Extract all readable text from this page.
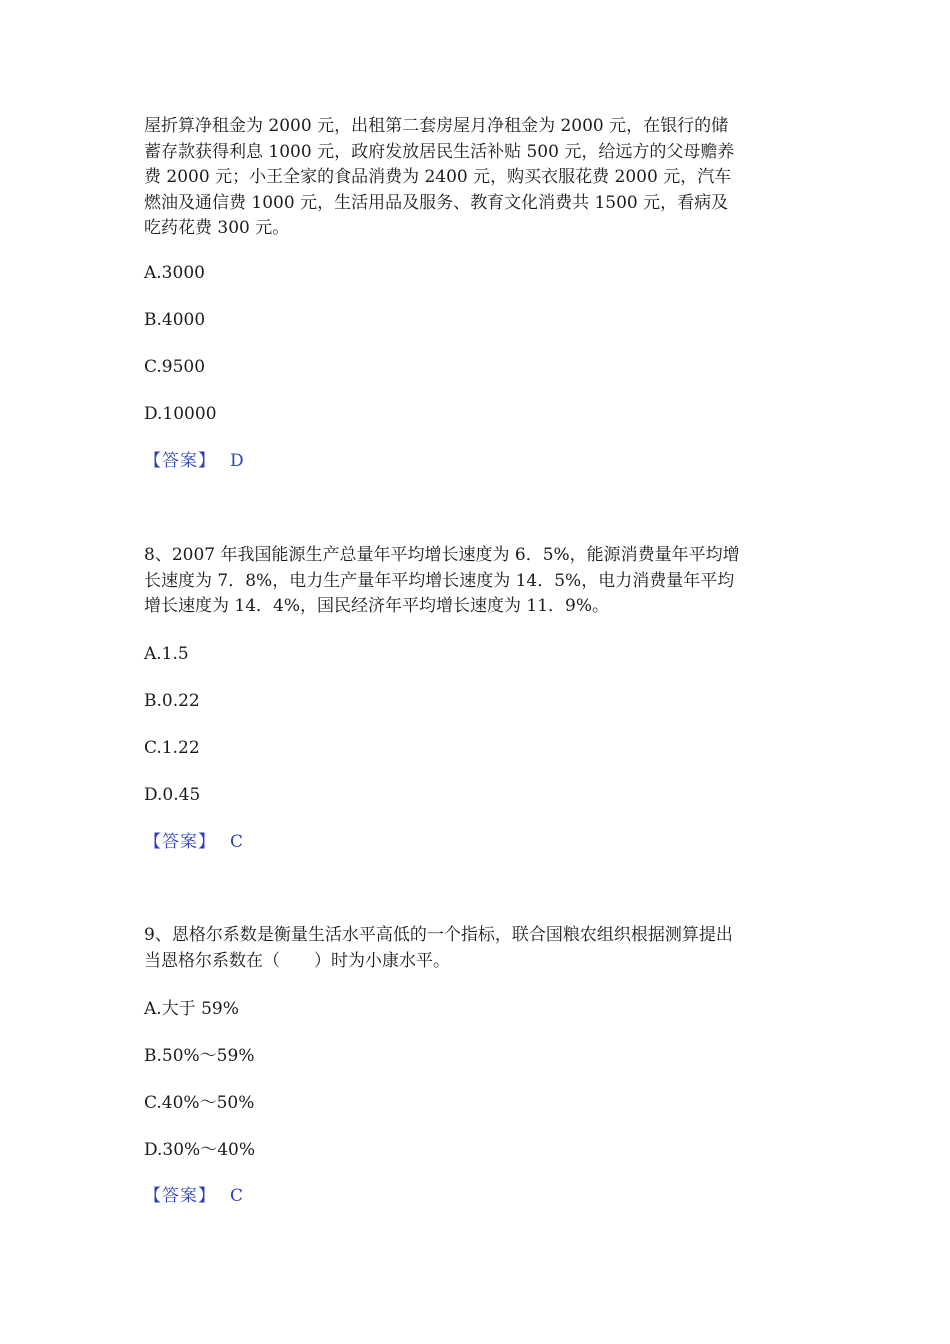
屋折算净租金为 2000 元，出租第二套房屋月净租金为 2000 元，在银行的储
蓄存款获得利息 1000 元，政府发放居民生活补贴 500 元，给远方的父母赡养
费 2000 元；小王全家的食品消费为 2400 元，购买衣服花费 2000 元，汽车
燃油及通信费 1000 元，生活用品及服务、教育文化消费共 1500 元，看病及
吃药花费 300 元。

A.3000

B.4000

C.9500

D.10000

【答案】 D

8、2007 年我国能源生产总量年平均增长速度为 6．5%，能源消费量年平均增
长速度为 7．8%，电力生产量年平均增长速度为 14．5%，电力消费量年平均
增长速度为 14．4%，国民经济年平均增长速度为 11．9%。

A.1.5

B.0.22

C.1.22

D.0.45

【答案】 C

9、恩格尔系数是衡量生活水平高低的一个指标，联合国粮农组织根据测算提出
当恩格尔系数在（　　）时为小康水平。

A.大于 59%

B.50%～59%

C.40%～50%

D.30%～40%

【答案】 C
